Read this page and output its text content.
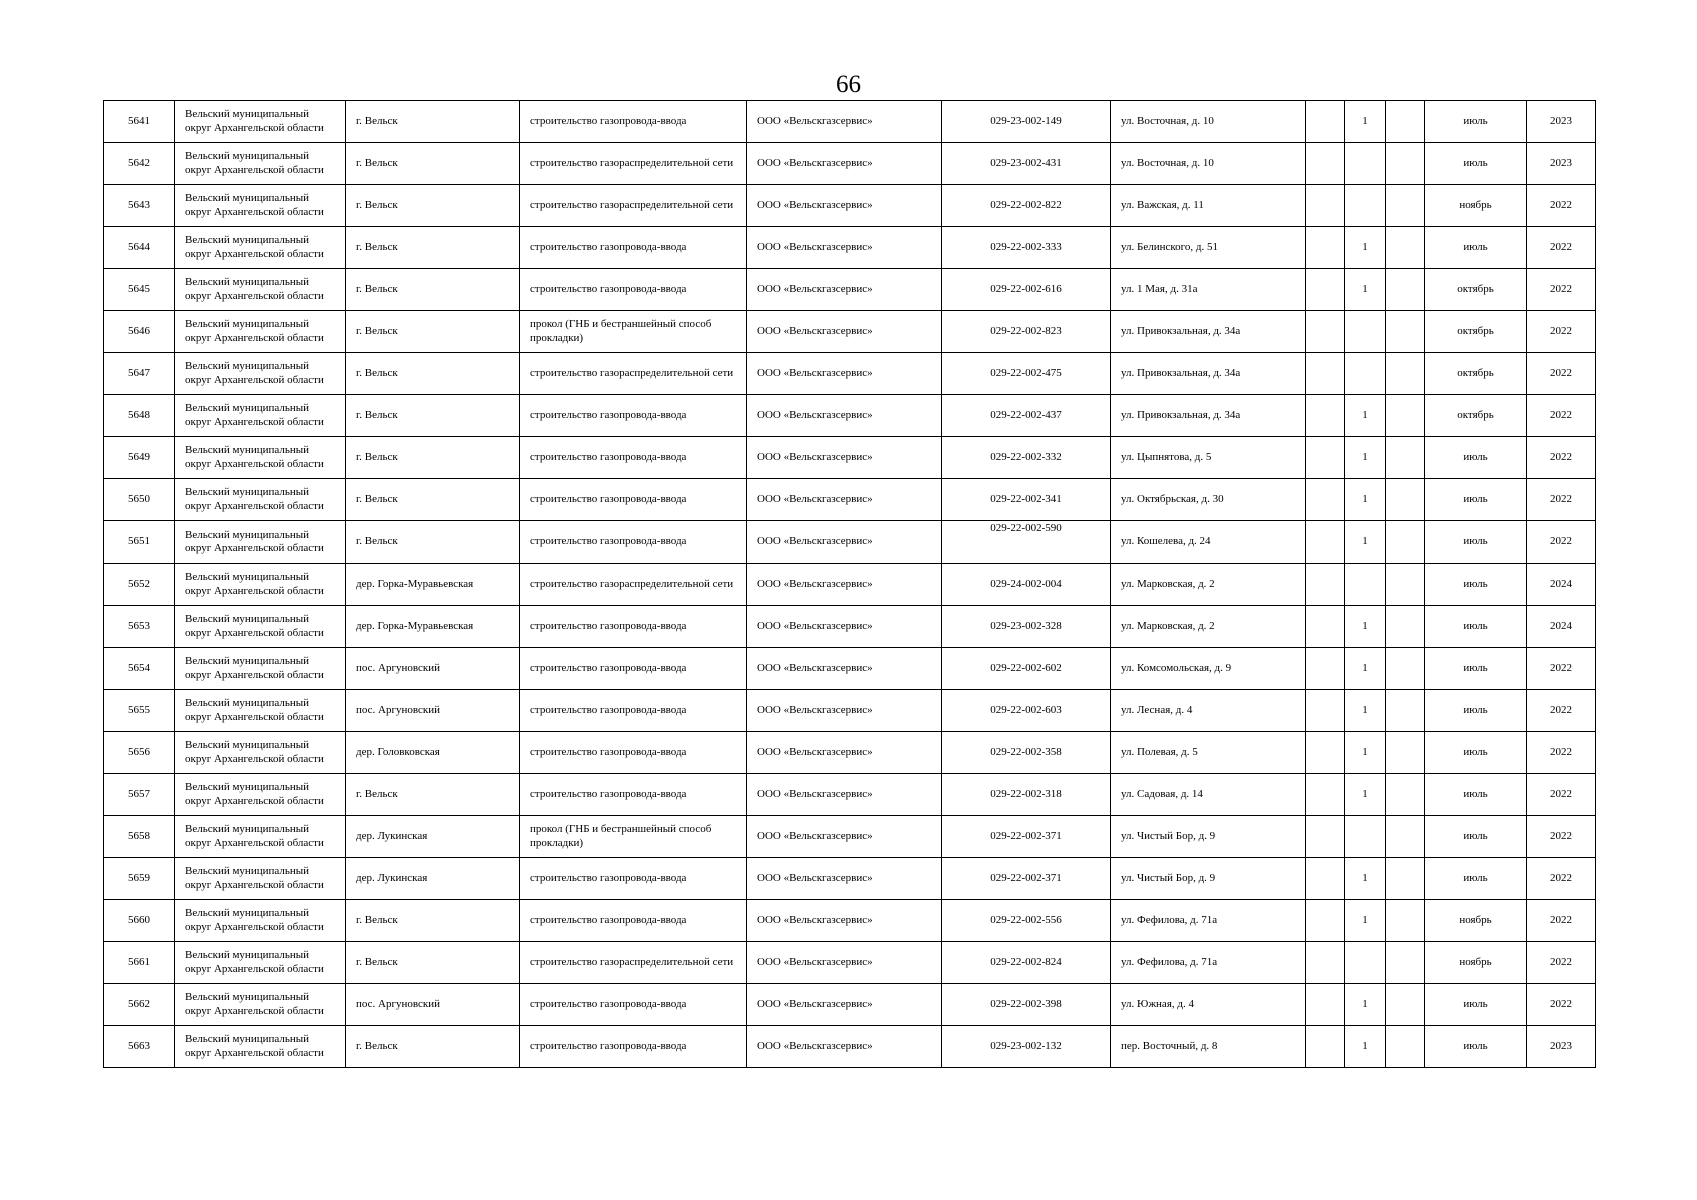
66
5641	Вельский муниципальный округ Архангельской области	г. Вельск	строительство газопровода-ввода	ООО «Вельскгазсервис»	029-23-002-149	ул. Восточная, д. 10		1		июль	2023
5642	Вельский муниципальный округ Архангельской области	г. Вельск	строительство газораспределительной сети	ООО «Вельскгазсервис»	029-23-002-431	ул. Восточная, д. 10				июль	2023
5643	Вельский муниципальный округ Архангельской области	г. Вельск	строительство газораспределительной сети	ООО «Вельскгазсервис»	029-22-002-822	ул. Важская, д. 11				ноябрь	2022
5644	Вельский муниципальный округ Архангельской области	г. Вельск	строительство газопровода-ввода	ООО «Вельскгазсервис»	029-22-002-333	ул. Белинского, д. 51		1		июль	2022
5645	Вельский муниципальный округ Архангельской области	г. Вельск	строительство газопровода-ввода	ООО «Вельскгазсервис»	029-22-002-616	ул. 1 Мая, д. 31а		1		октябрь	2022
5646	Вельский муниципальный округ Архангельской области	г. Вельск	прокол (ГНБ и бестраншейный способ прокладки)	ООО «Вельскгазсервис»	029-22-002-823	ул. Привокзальная, д. 34а				октябрь	2022
5647	Вельский муниципальный округ Архангельской области	г. Вельск	строительство газораспределительной сети	ООО «Вельскгазсервис»	029-22-002-475	ул. Привокзальная, д. 34а				октябрь	2022
5648	Вельский муниципальный округ Архангельской области	г. Вельск	строительство газопровода-ввода	ООО «Вельскгазсервис»	029-22-002-437	ул. Привокзальная, д. 34а		1		октябрь	2022
5649	Вельский муниципальный округ Архангельской области	г. Вельск	строительство газопровода-ввода	ООО «Вельскгазсервис»	029-22-002-332	ул. Цыпнятова, д. 5		1		июль	2022
5650	Вельский муниципальный округ Архангельской области	г. Вельск	строительство газопровода-ввода	ООО «Вельскгазсервис»	029-22-002-341	ул. Октябрьская, д. 30		1		июль	2022
5651	Вельский муниципальный округ Архангельской области	г. Вельск	строительство газопровода-ввода	ООО «Вельскгазсервис»	029-22-002-590	ул. Кошелева, д. 24		1		июль	2022
5652	Вельский муниципальный округ Архангельской области	дер. Горка-Муравьевская	строительство газораспределительной сети	ООО «Вельскгазсервис»	029-24-002-004	ул. Марковская, д. 2				июль	2024
5653	Вельский муниципальный округ Архангельской области	дер. Горка-Муравьевская	строительство газопровода-ввода	ООО «Вельскгазсервис»	029-23-002-328	ул. Марковская, д. 2		1		июль	2024
5654	Вельский муниципальный округ Архангельской области	пос. Аргуновский	строительство газопровода-ввода	ООО «Вельскгазсервис»	029-22-002-602	ул. Комсомольская, д. 9		1		июль	2022
5655	Вельский муниципальный округ Архангельской области	пос. Аргуновский	строительство газопровода-ввода	ООО «Вельскгазсервис»	029-22-002-603	ул. Лесная, д. 4		1		июль	2022
5656	Вельский муниципальный округ Архангельской области	дер. Головковская	строительство газопровода-ввода	ООО «Вельскгазсервис»	029-22-002-358	ул. Полевая, д. 5		1		июль	2022
5657	Вельский муниципальный округ Архангельской области	г. Вельск	строительство газопровода-ввода	ООО «Вельскгазсервис»	029-22-002-318	ул. Садовая, д. 14		1		июль	2022
5658	Вельский муниципальный округ Архангельской области	дер. Лукинская	прокол (ГНБ и бестраншейный способ прокладки)	ООО «Вельскгазсервис»	029-22-002-371	ул. Чистый Бор, д. 9				июль	2022
5659	Вельский муниципальный округ Архангельской области	дер. Лукинская	строительство газопровода-ввода	ООО «Вельскгазсервис»	029-22-002-371	ул. Чистый Бор, д. 9		1		июль	2022
5660	Вельский муниципальный округ Архангельской области	г. Вельск	строительство газопровода-ввода	ООО «Вельскгазсервис»	029-22-002-556	ул. Фефилова, д. 71а		1		ноябрь	2022
5661	Вельский муниципальный округ Архангельской области	г. Вельск	строительство газораспределительной сети	ООО «Вельскгазсервис»	029-22-002-824	ул. Фефилова, д. 71а				ноябрь	2022
5662	Вельский муниципальный округ Архангельской области	пос. Аргуновский	строительство газопровода-ввода	ООО «Вельскгазсервис»	029-22-002-398	ул. Южная, д. 4		1		июль	2022
5663	Вельский муниципальный округ Архангельской области	г. Вельск	строительство газопровода-ввода	ООО «Вельскгазсервис»	029-23-002-132	пер. Восточный, д. 8		1		июль	2023
